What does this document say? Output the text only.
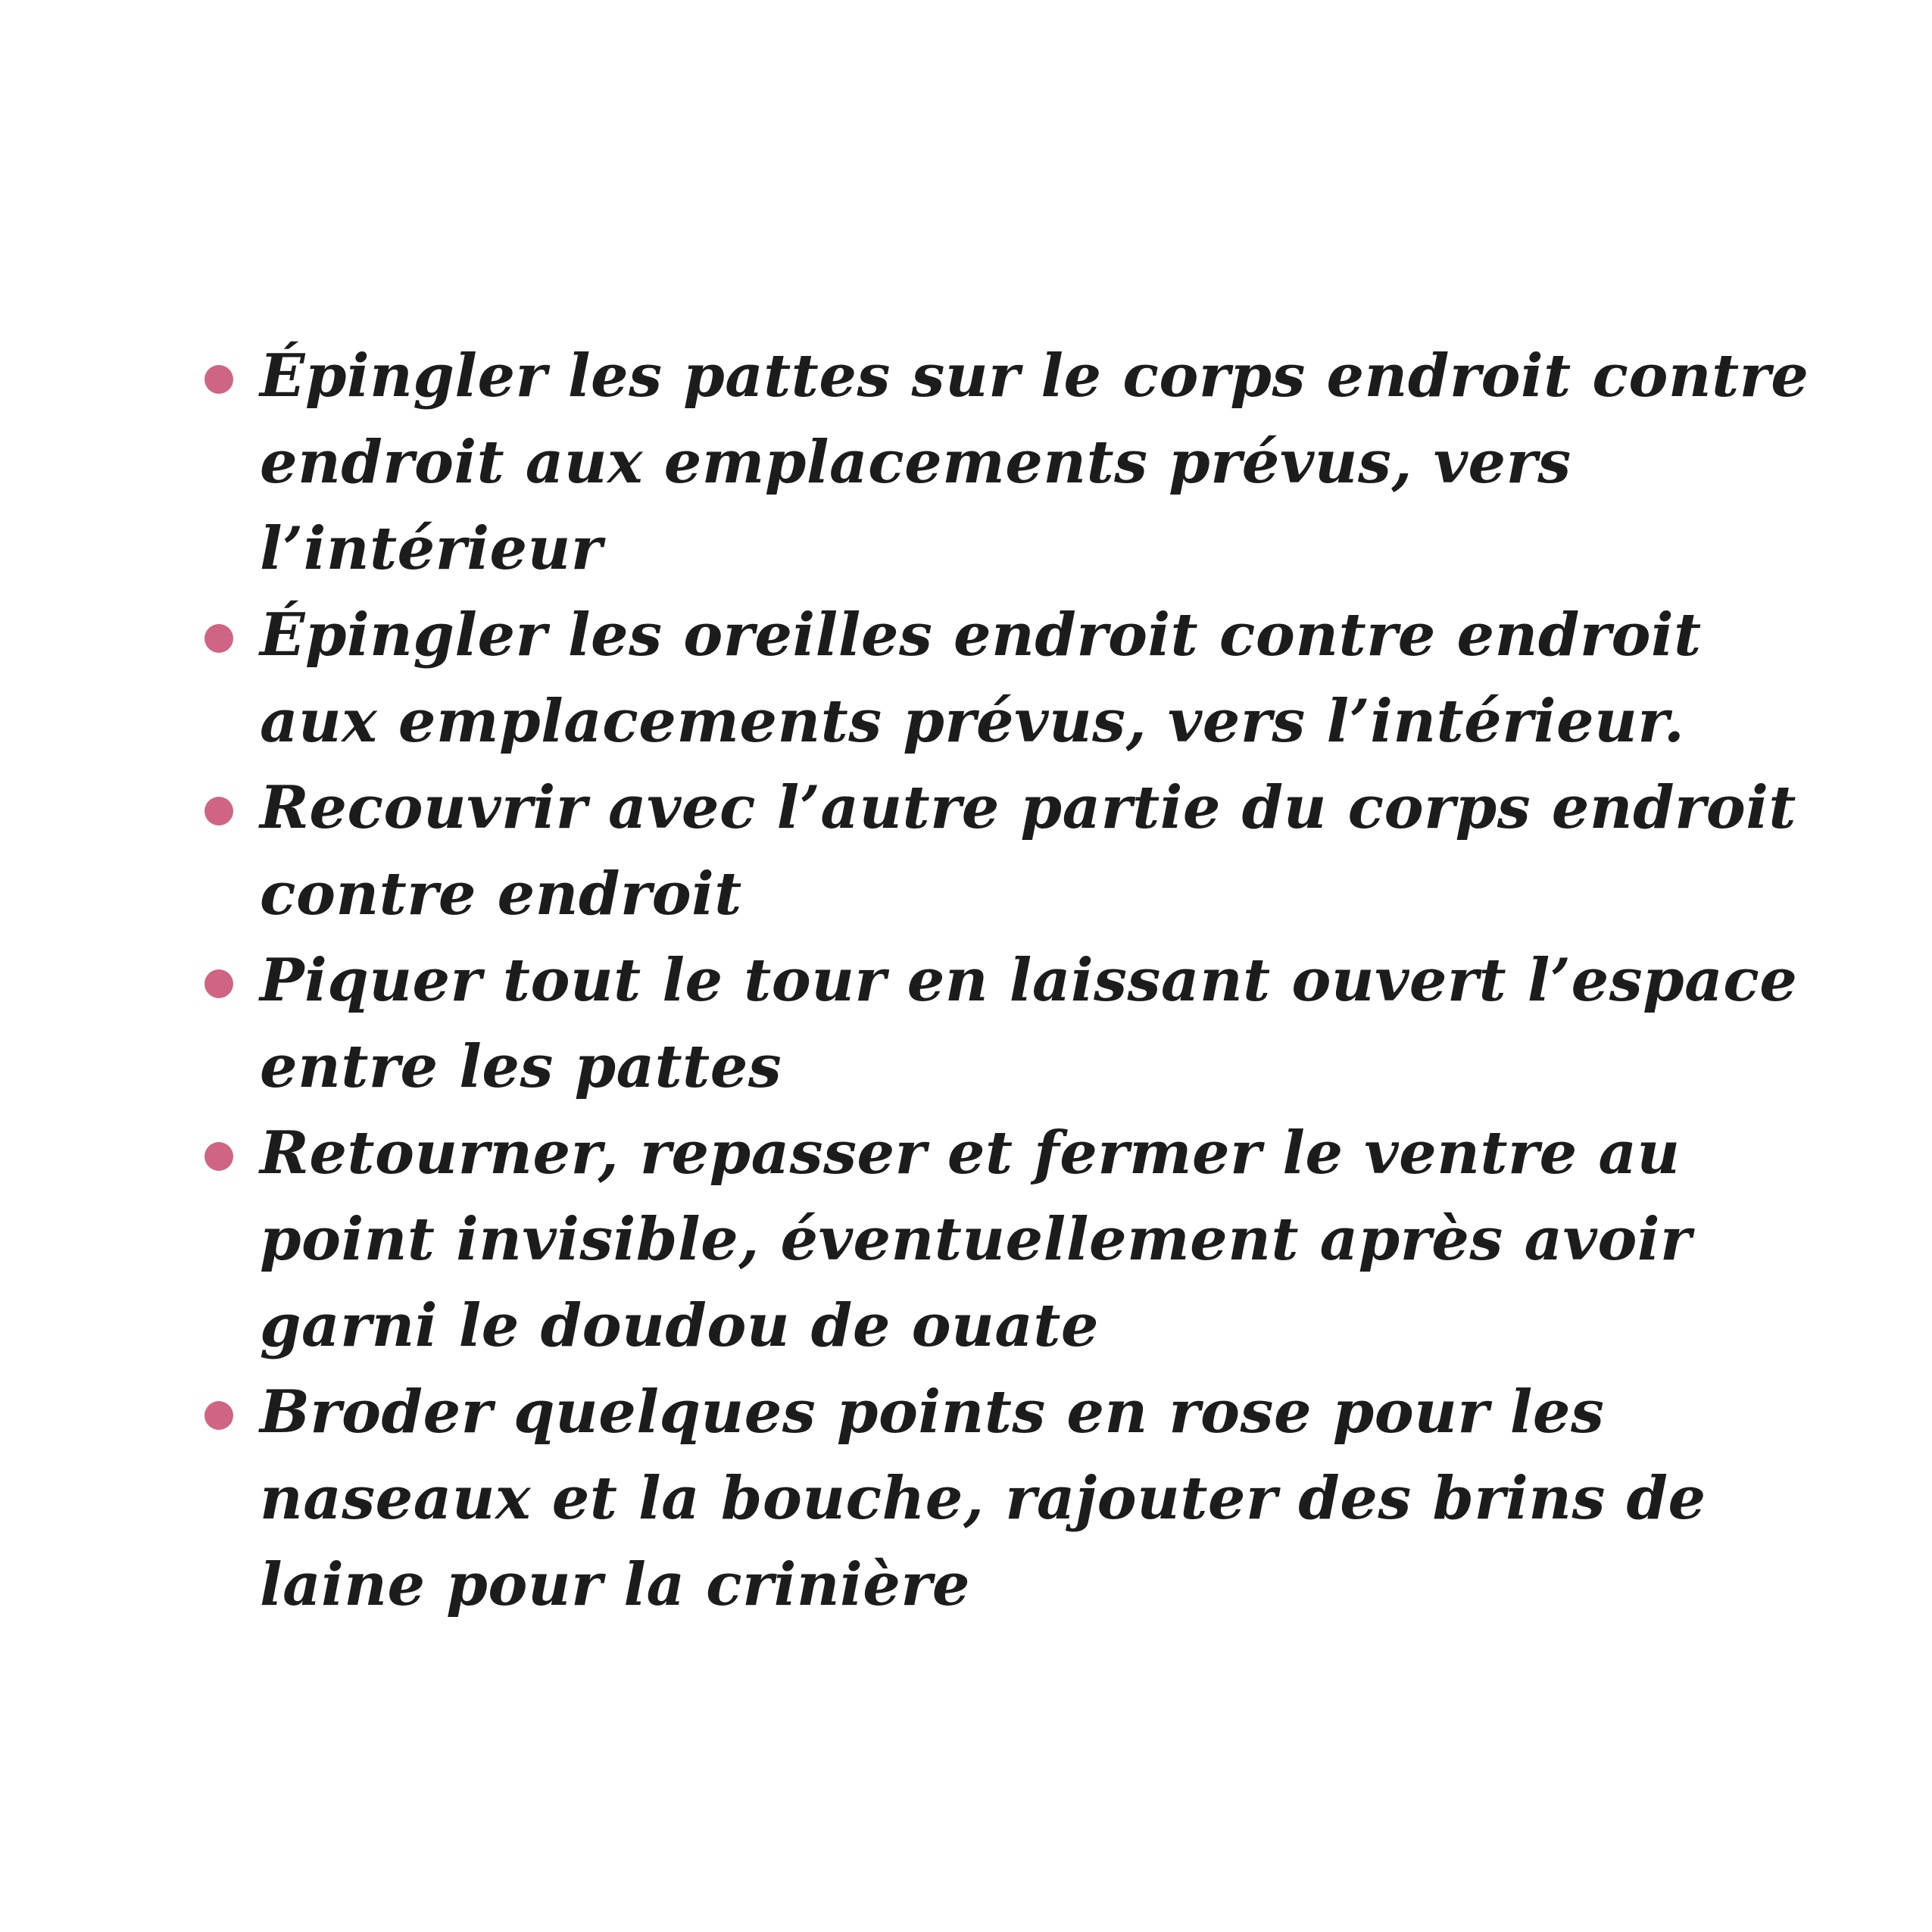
Épingler les pattes sur le corps endroit contre
endroit aux emplacements prévus, vers
l’intérieur
Épingler les oreilles endroit contre endroit
aux emplacements prévus, vers l’intérieur.
Recouvrir avec l’autre partie du corps endroit
contre endroit
Piquer tout le tour en laissant ouvert l’espace
entre les pattes
Retourner, repasser et fermer le ventre au
point invisible, éventuellement après avoir
garni le doudou de ouate
Broder quelques points en rose pour les
naseaux et la bouche, rajouter des brins de
laine pour la crinière
